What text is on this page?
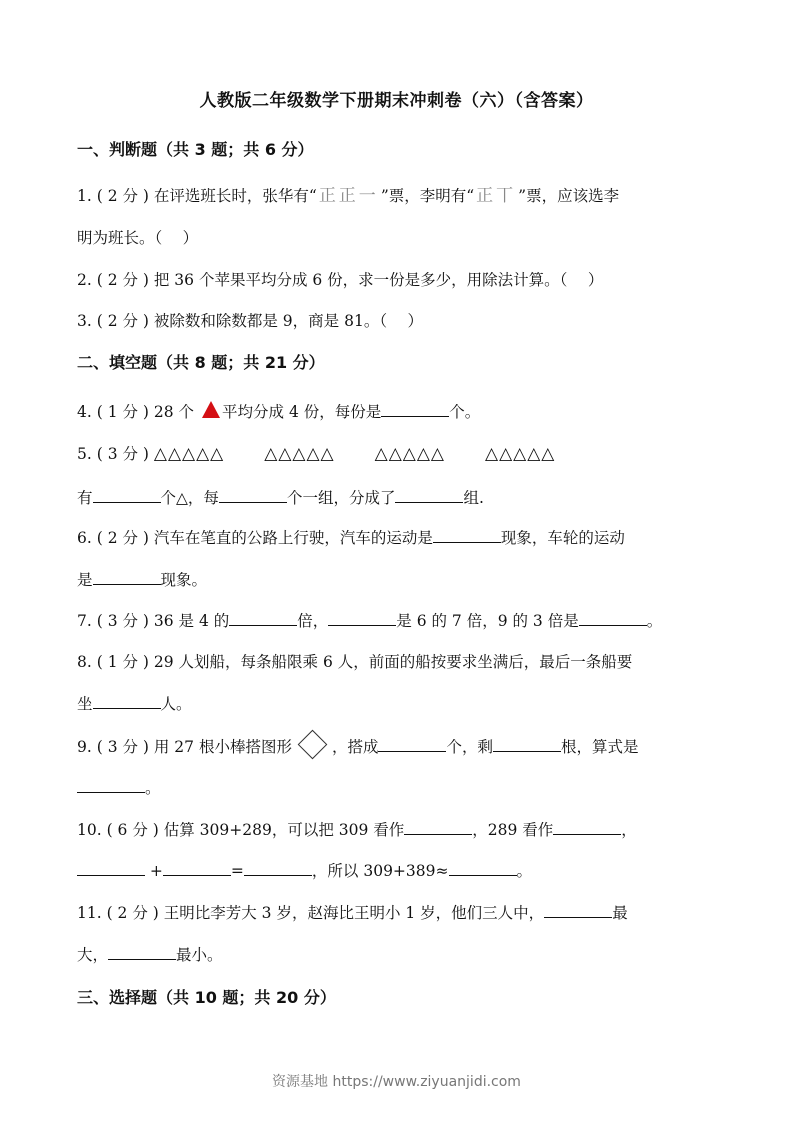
人教版二年级数学下册期末冲刺卷（六）（含答案）
一、判断题（共 3 题；共 6 分）
1. ( 2 分 ) 在评选班长时，张华有“ 正正一 ”票，李明有“ 正丅 ”票，应该选李
明为班长。（　 ）
2. ( 2 分 ) 把 36 个苹果平均分成 6 份，求一份是多少，用除法计算。（　 ）
3. ( 2 分 ) 被除数和除数都是 9，商是 81。（　 ）
二、填空题（共 8 题；共 21 分）
4. ( 1 分 ) 28 个 平均分成 4 份，每份是	个。
5. ( 3 分 ) △△△△△ △△△△△ △△△△△ △△△△△
有	个△，每	个一组，分成了	组.
6. ( 2 分 ) 汽车在笔直的公路上行驶，汽车的运动是	现象，车轮的运动
是	现象。
7. ( 3 分 ) 36 是 4 的	倍，	是 6 的 7 倍，9 的 3 倍是	。
8. ( 1 分 ) 29 人划船，每条船限乘 6 人，前面的船按要求坐满后，最后一条船要
坐	人。
9. ( 3 分 ) 用 27 根小棒搭图形	，搭成	个，剩	根，算式是
。
10. ( 6 分 ) 估算 309+289，可以把 309 看作	，289 看作	，
+	=	，所以 309+389≈	。
11. ( 2 分 ) 王明比李芳大 3 岁，赵海比王明小 1 岁，他们三人中，	最
大，	最小。
三、选择题（共 10 题；共 20 分）
资源基地 https://www.ziyuanjidi.com
